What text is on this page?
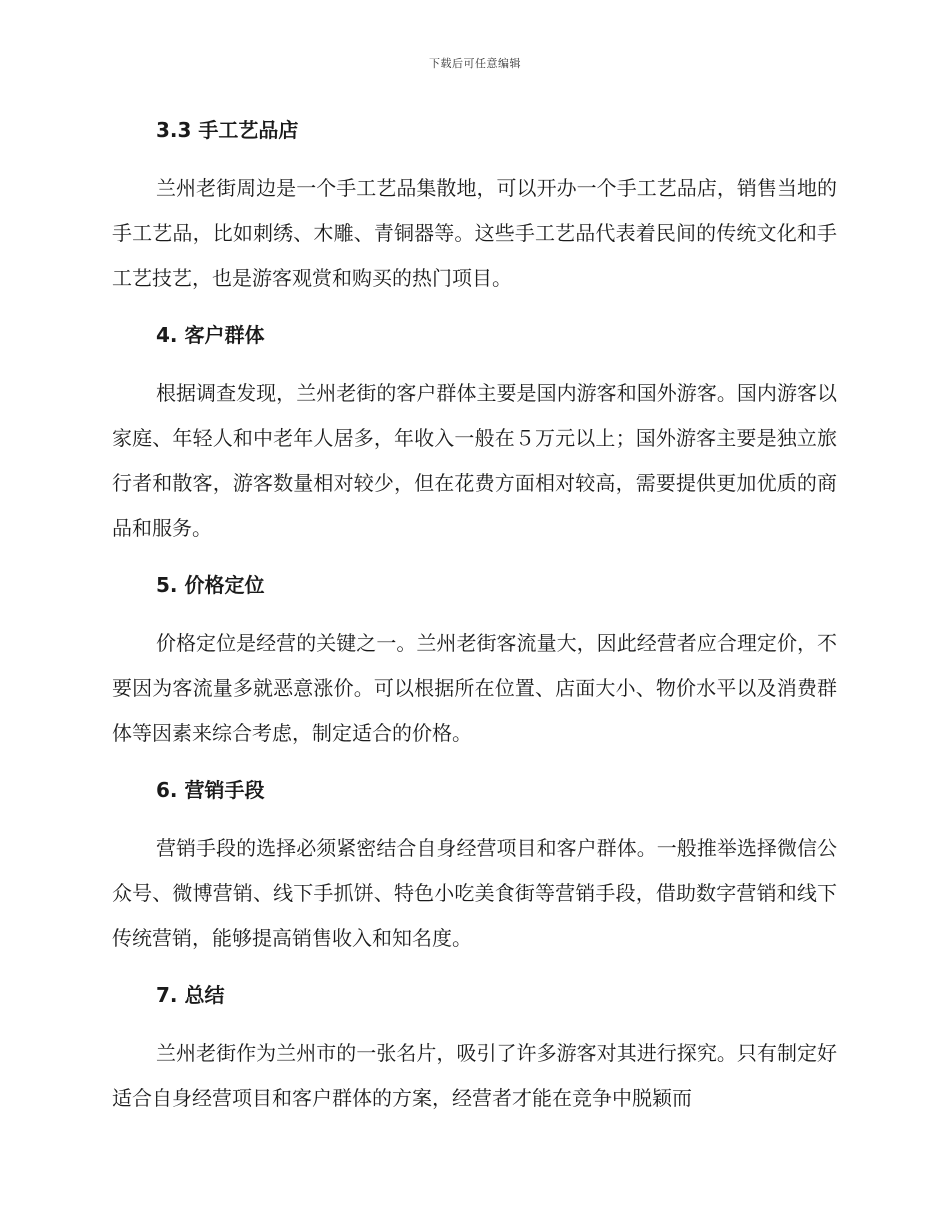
下载后可任意编辑
3.3 手工艺品店

兰州老街周边是一个手工艺品集散地，可以开办一个手工艺品店，销售当地的手工艺品，比如刺绣、木雕、青铜器等。这些手工艺品代表着民间的传统文化和手工艺技艺，也是游客观赏和购买的热门项目。

4. 客户群体

根据调查发现，兰州老街的客户群体主要是国内游客和国外游客。国内游客以家庭、年轻人和中老年人居多，年收入一般在５万元以上；国外游客主要是独立旅行者和散客，游客数量相对较少，但在花费方面相对较高，需要提供更加优质的商品和服务。

5. 价格定位

价格定位是经营的关键之一。兰州老街客流量大，因此经营者应合理定价，不要因为客流量多就恶意涨价。可以根据所在位置、店面大小、物价水平以及消费群体等因素来综合考虑，制定适合的价格。

6. 营销手段

营销手段的选择必须紧密结合自身经营项目和客户群体。一般推举选择微信公众号、微博营销、线下手抓饼、特色小吃美食街等营销手段，借助数字营销和线下传统营销，能够提高销售收入和知名度。

7. 总结

兰州老街作为兰州市的一张名片，吸引了许多游客对其进行探究。只有制定好适合自身经营项目和客户群体的方案，经营者才能在竞争中脱颖而
